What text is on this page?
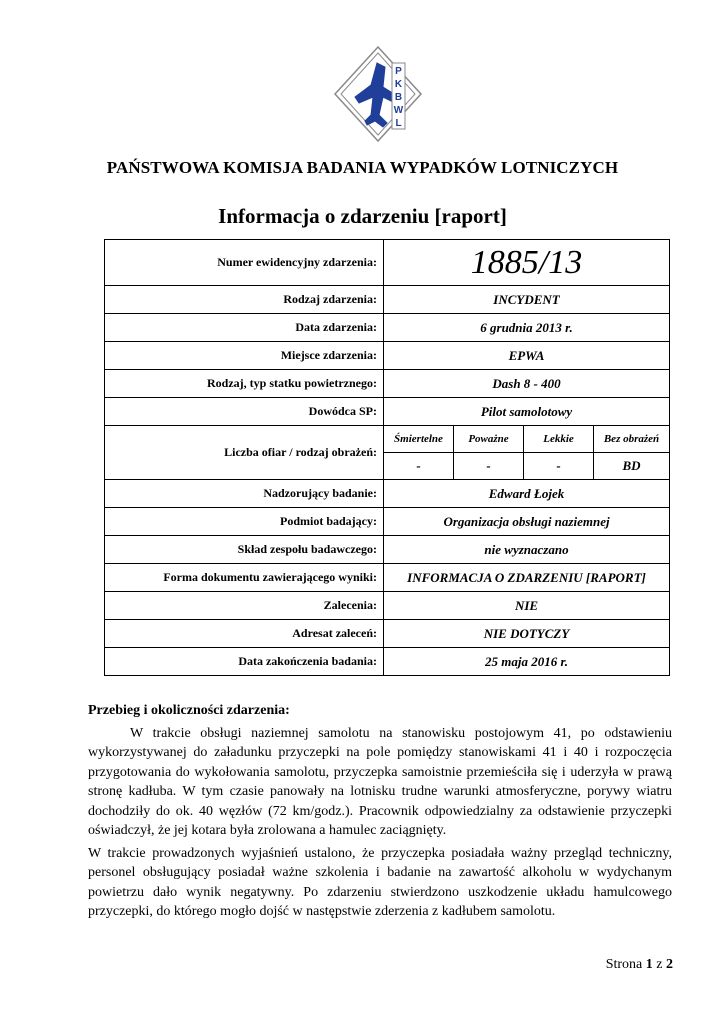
P
K
B
W
L
PAŃSTWOWA KOMISJA BADANIA WYPADKÓW LOTNICZYCH
Informacja o zdarzeniu [raport]
Numer ewidencyjny zdarzenia:	1885/13			
Rodzaj zdarzenia:	INCYDENT			
Data zdarzenia:	6 grudnia 2013 r.			
Miejsce zdarzenia:	EPWA			
Rodzaj, typ statku powietrznego:	Dash 8 - 400			
Dowódca SP:	Pilot samolotowy			
Liczba ofiar / rodzaj obrażeń:	Śmiertelne	Poważne	Lekkie	Bez obrażeń
	-	-	-	BD
Nadzorujący badanie:	Edward Łojek			
Podmiot badający:	Organizacja obsługi naziemnej			
Skład zespołu badawczego:	nie wyznaczano			
Forma dokumentu zawierającego wyniki:	INFORMACJA O ZDARZENIU [RAPORT]			
Zalecenia:	NIE			
Adresat zaleceń:	NIE DOTYCZY			
Data zakończenia badania:	25 maja 2016 r.			
Przebieg i okoliczności zdarzenia:

W trakcie obsługi naziemnej samolotu na stanowisku postojowym 41, po odstawieniu wykorzystywanej do załadunku przyczepki na pole pomiędzy stanowiskami 41 i 40 i rozpoczęcia przygotowania do wykołowania samolotu, przyczepka samoistnie przemieściła się i uderzyła w prawą stronę kadłuba. W tym czasie panowały na lotnisku trudne warunki atmosferyczne, porywy wiatru dochodziły do ok. 40 węzłów (72 km/godz.). Pracownik odpowiedzialny za odstawienie przyczepki oświadczył, że jej kotara była zrolowana a hamulec zaciągnięty.

W trakcie prowadzonych wyjaśnień ustalono, że przyczepka posiadała ważny przegląd techniczny, personel obsługujący posiadał ważne szkolenia i badanie na zawartość alkoholu w wydychanym powietrzu dało wynik negatywny. Po zdarzeniu stwierdzono uszkodzenie układu hamulcowego przyczepki, do którego mogło dojść w następstwie zderzenia z kadłubem samolotu.

Strona 1 z 2
